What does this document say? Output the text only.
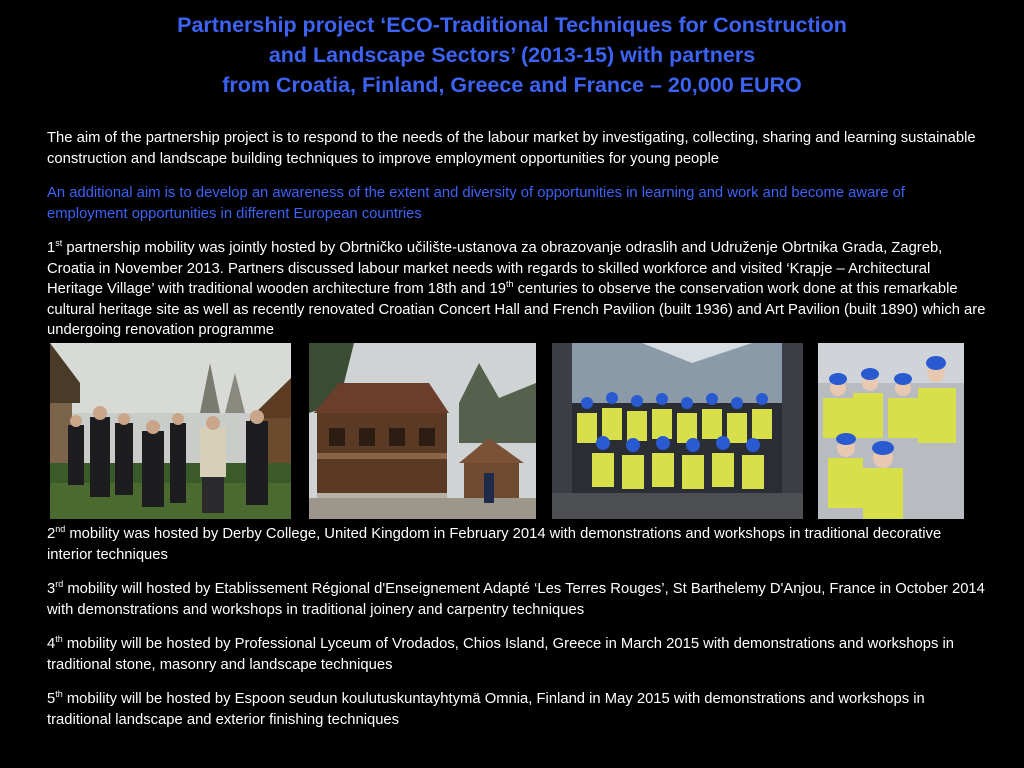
Partnership project ‘ECO-Traditional Techniques for Construction
and Landscape Sectors’ (2013-15) with partners
from Croatia, Finland, Greece and France – 20,000 EURO
The aim of the partnership project is to respond to the needs of the labour market by investigating, collecting, sharing and learning sustainable construction and landscape building techniques to improve employment opportunities for young people
An additional aim is to develop an awareness of the extent and diversity of opportunities in learning and work and become aware of employment opportunities in different European countries
1st partnership mobility was jointly hosted by Obrtničko učilište-ustanova za obrazovanje odraslih and Udruženje Obrtnika Grada, Zagreb, Croatia in November 2013. Partners discussed labour market needs with regards to skilled workforce and visited ‘Krapje – Architectural Heritage Village’ with traditional wooden architecture from 18th and 19th centuries to observe the conservation work done at this remarkable cultural heritage site as well as recently renovated Croatian Concert Hall and French Pavilion (built 1936) and Art Pavilion (built 1890) which are undergoing renovation programme
2nd mobility was hosted by Derby College, United Kingdom in February 2014 with demonstrations and workshops in traditional decorative interior techniques
3rd mobility will hosted by Etablissement Régional d'Enseignement Adapté ‘Les Terres Rouges’, St Barthelemy D'Anjou, France in October 2014 with demonstrations and workshops in traditional joinery and carpentry techniques
4th mobility will be hosted by Professional Lyceum of Vrodados, Chios Island, Greece in March 2015 with demonstrations and workshops in traditional stone, masonry and landscape techniques
5th mobility will be hosted by Espoon seudun koulutuskuntayhtymä Omnia, Finland in May 2015 with demonstrations and workshops in traditional landscape and exterior finishing techniques
